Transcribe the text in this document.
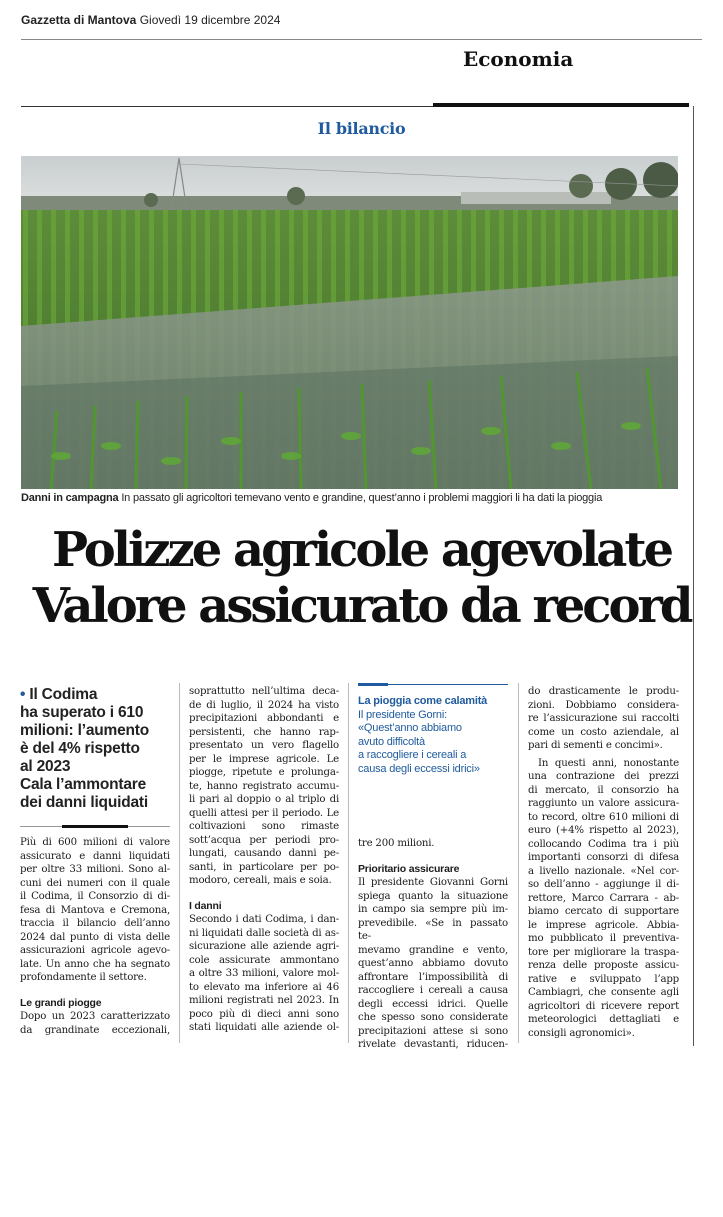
Gazzetta di Mantova Giovedì 19 dicembre 2024
Economia
Il bilancio
Danni in campagna In passato gli agricoltori temevano vento e grandine, quest’anno i problemi maggiori li ha dati la pioggia
Polizze agricole agevolate
Valore assicurato da record
• Il Codima
ha superato i 610
milioni: l’aumento
è del 4% rispetto
al 2023
Cala l’ammontare
dei danni liquidati
Più di 600 milioni di valore
assicurato e danni liquidati
per oltre 33 milioni. Sono al-
cuni dei numeri con il quale
il Codima, il Consorzio di di-
fesa di Mantova e Cremona,
traccia il bilancio dell’anno
2024 dal punto di vista delle
assicurazioni agricole agevo-
late. Un anno che ha segnato
profondamente il settore.
Le grandi piogge
Dopo un 2023 caratterizzato
da grandinate eccezionali,
soprattutto nell’ultima deca-
de di luglio, il 2024 ha visto
precipitazioni abbondanti e
persistenti, che hanno rap-
presentato un vero flagello
per le imprese agricole. Le
piogge, ripetute e prolunga-
te, hanno registrato accumu-
li pari al doppio o al triplo di
quelli attesi per il periodo. Le
coltivazioni sono rimaste
sott’acqua per periodi pro-
lungati, causando danni pe-
santi, in particolare per po-
modoro, cereali, mais e soia.
I danni
Secondo i dati Codima, i dan-
ni liquidati dalle società di as-
sicurazione alle aziende agri-
cole assicurate ammontano
a oltre 33 milioni, valore mol-
to elevato ma inferiore ai 46
milioni registrati nel 2023. In
poco più di dieci anni sono
stati liquidati alle aziende ol-
La pioggia come calamità
Il presidente Gorni:
«Quest’anno abbiamo
avuto difficoltà
a raccogliere i cereali a
causa degli eccessi idrici»
tre 200 milioni.
Prioritario assicurare
Il presidente Giovanni Gorni
spiega quanto la situazione
in campo sia sempre più im-
prevedibile. «Se in passato te-
mevamo grandine e vento,
quest’anno abbiamo dovuto
affrontare l’impossibilità di
raccogliere i cereali a causa
degli eccessi idrici. Quelle
che spesso sono considerate
precipitazioni attese si sono
rivelate devastanti, riducen-
do drasticamente le produ-
zioni. Dobbiamo considera-
re l’assicurazione sui raccolti
come un costo aziendale, al
pari di sementi e concimi».
In questi anni, nonostante
una contrazione dei prezzi
di mercato, il consorzio ha
raggiunto un valore assicura-
to record, oltre 610 milioni di
euro (+4% rispetto al 2023),
collocando Codima tra i più
importanti consorzi di difesa
a livello nazionale. «Nel cor-
so dell’anno - aggiunge il di-
rettore, Marco Carrara - ab-
biamo cercato di supportare
le imprese agricole. Abbia-
mo pubblicato il preventiva-
tore per migliorare la traspa-
renza delle proposte assicu-
rative e sviluppato l’app
Cambiagri, che consente agli
agricoltori di ricevere report
meteorologici dettagliati e
consigli agronomici».
